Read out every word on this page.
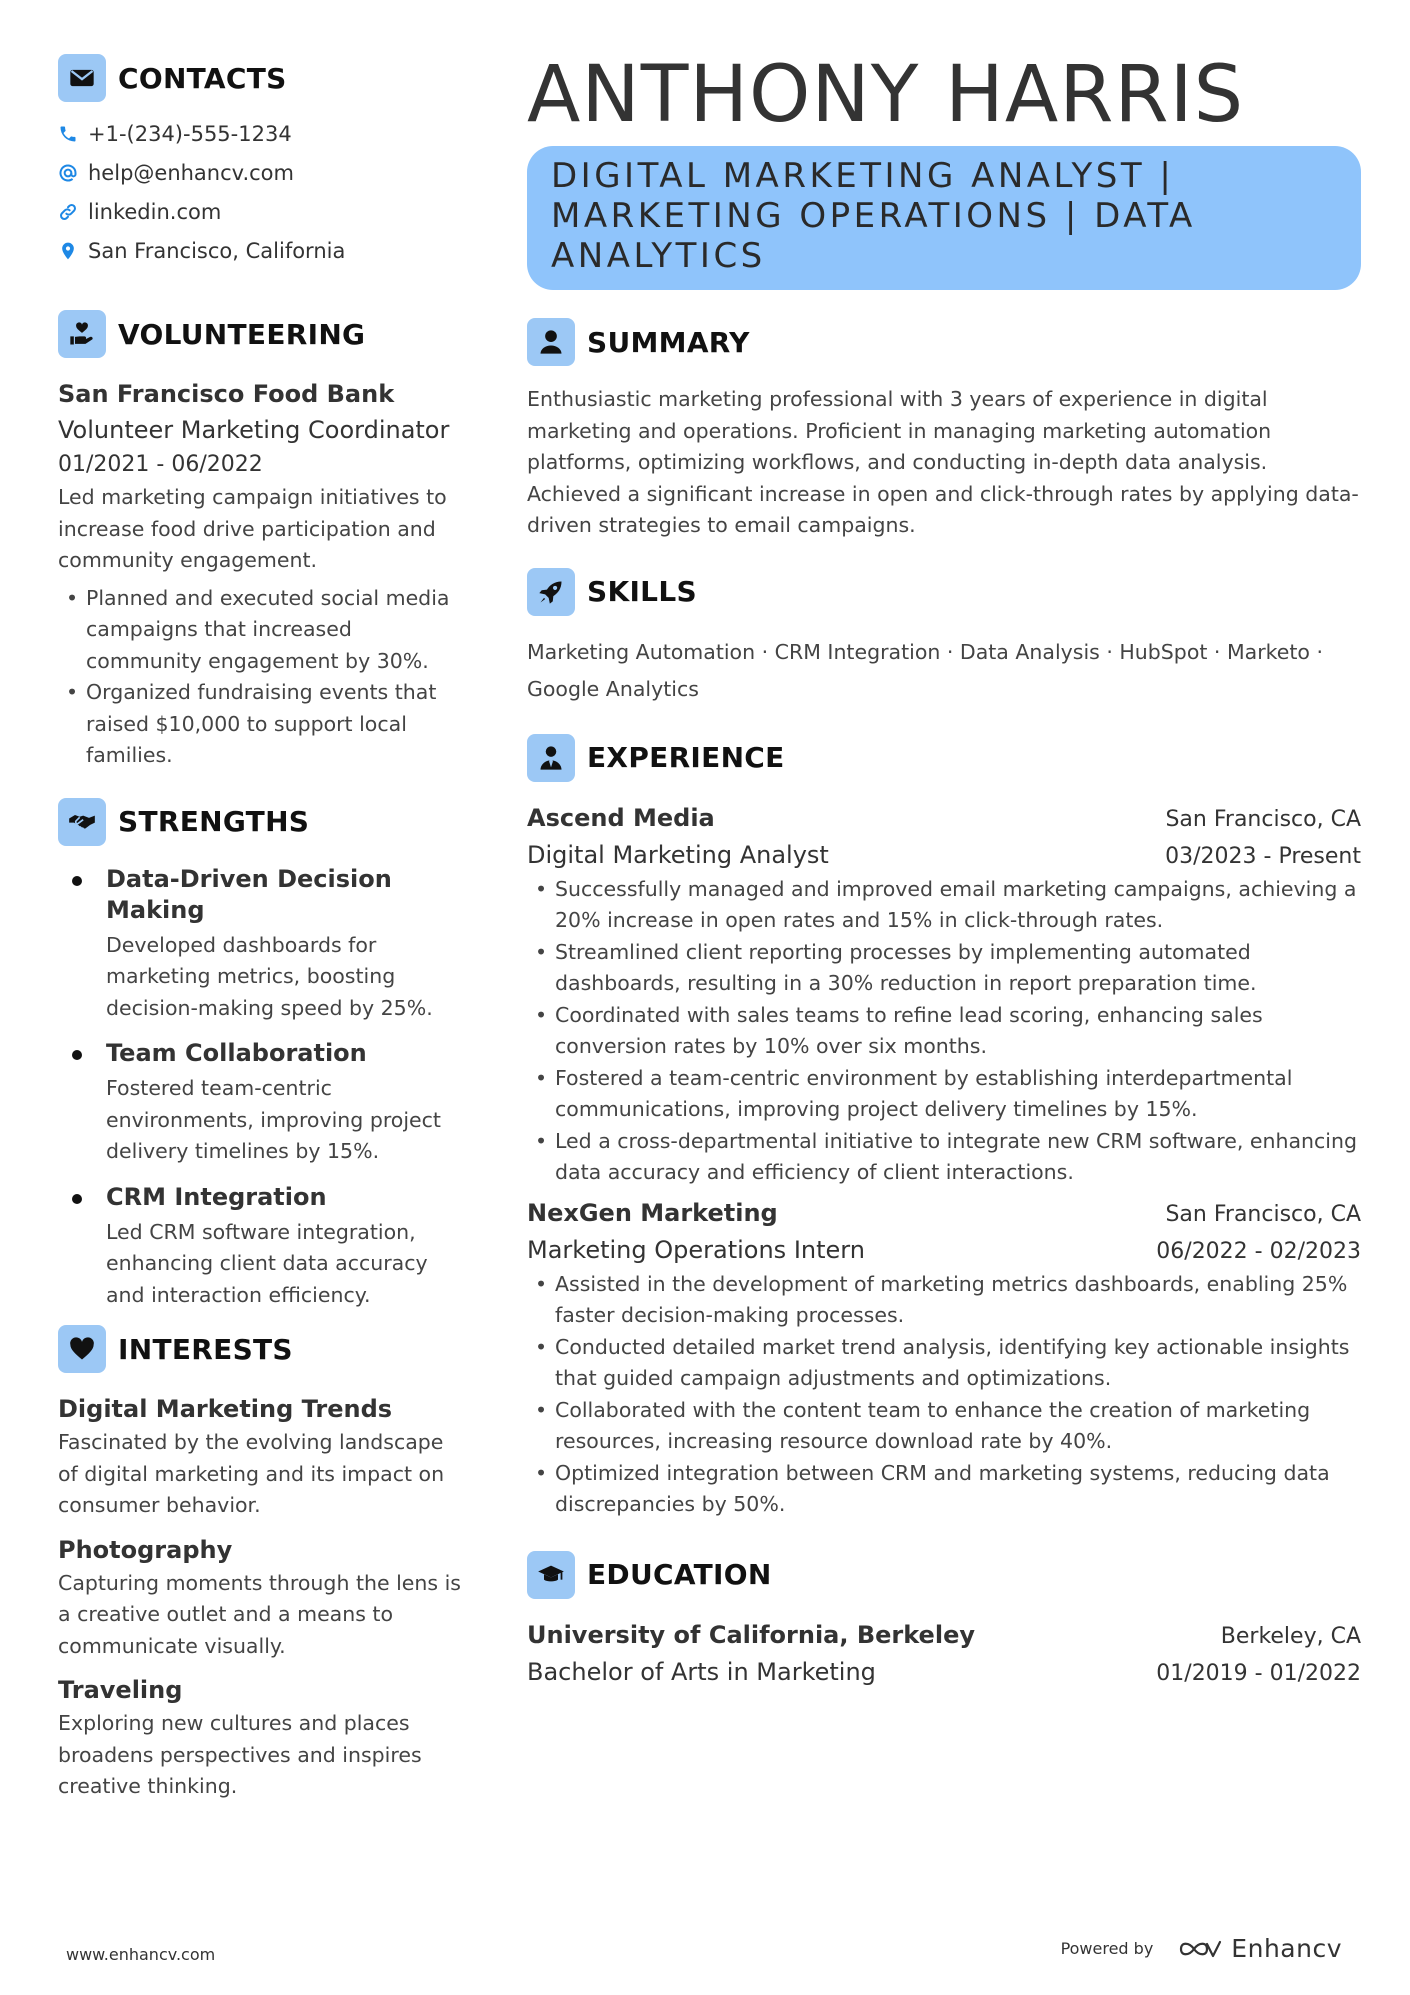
CONTACTS
+1-(234)-555-1234
help@enhancv.com
linkedin.com
San Francisco, California
VOLUNTEERING
San Francisco Food Bank
Volunteer Marketing Coordinator
01/2021 - 06/2022
Led marketing campaign initiatives to increase food drive participation and community engagement.
• Planned and executed social media campaigns that increased community engagement by 30%.
• Organized fundraising events that raised $10,000 to support local families.
STRENGTHS
Data-Driven Decision Making
Developed dashboards for marketing metrics, boosting decision-making speed by 25%.
Team Collaboration
Fostered team-centric environments, improving project delivery timelines by 15%.
CRM Integration
Led CRM software integration, enhancing client data accuracy and interaction efficiency.
INTERESTS
Digital Marketing Trends
Fascinated by the evolving landscape of digital marketing and its impact on consumer behavior.
Photography
Capturing moments through the lens is a creative outlet and a means to communicate visually.
Traveling
Exploring new cultures and places broadens perspectives and inspires creative thinking.
ANTHONY HARRIS
DIGITAL MARKETING ANALYST |
MARKETING OPERATIONS | DATA
ANALYTICS
SUMMARY
Enthusiastic marketing professional with 3 years of experience in digital marketing and operations. Proficient in managing marketing automation platforms, optimizing workflows, and conducting in-depth data analysis. Achieved a significant increase in open and click-through rates by applying data-driven strategies to email campaigns.
SKILLS
Marketing Automation · CRM Integration · Data Analysis · HubSpot · Marketo ·
Google Analytics
EXPERIENCE
Ascend Media	San Francisco, CA
Digital Marketing Analyst	03/2023 - Present
• Successfully managed and improved email marketing campaigns, achieving a 20% increase in open rates and 15% in click-through rates.
• Streamlined client reporting processes by implementing automated dashboards, resulting in a 30% reduction in report preparation time.
• Coordinated with sales teams to refine lead scoring, enhancing sales conversion rates by 10% over six months.
• Fostered a team-centric environment by establishing interdepartmental communications, improving project delivery timelines by 15%.
• Led a cross-departmental initiative to integrate new CRM software, enhancing data accuracy and efficiency of client interactions.
NexGen Marketing	San Francisco, CA
Marketing Operations Intern	06/2022 - 02/2023
• Assisted in the development of marketing metrics dashboards, enabling 25% faster decision-making processes.
• Conducted detailed market trend analysis, identifying key actionable insights that guided campaign adjustments and optimizations.
• Collaborated with the content team to enhance the creation of marketing resources, increasing resource download rate by 40%.
• Optimized integration between CRM and marketing systems, reducing data discrepancies by 50%.
EDUCATION
University of California, Berkeley	Berkeley, CA
Bachelor of Arts in Marketing	01/2019 - 01/2022
www.enhancv.com	Powered by	Enhancv
